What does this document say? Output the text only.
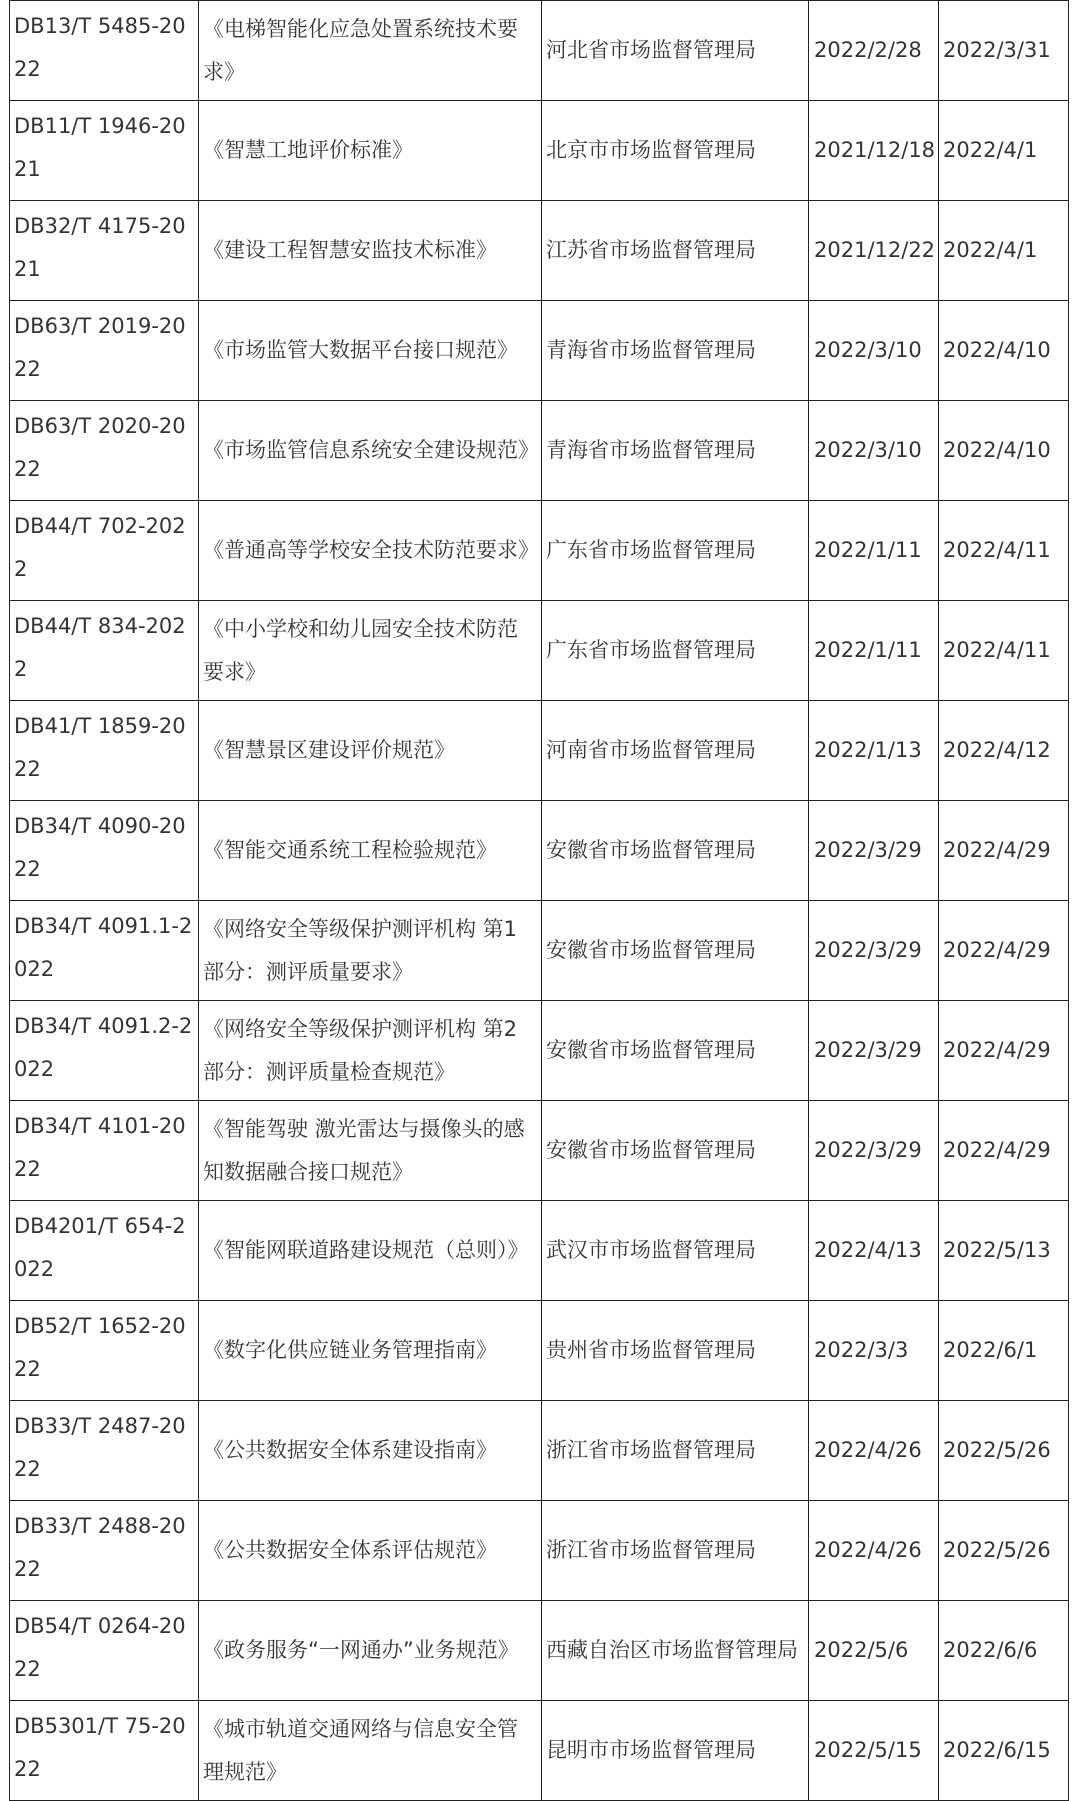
DB13/T 5485-2022	《电梯智能化应急处置系统技术要求》	河北省市场监督管理局	2022/2/28	2022/3/31
DB11/T 1946-2021	《智慧工地评价标准》	北京市市场监督管理局	2021/12/18	2022/4/1
DB32/T 4175-2021	《建设工程智慧安监技术标准》	江苏省市场监督管理局	2021/12/22	2022/4/1
DB63/T 2019-2022	《市场监管大数据平台接口规范》	青海省市场监督管理局	2022/3/10	2022/4/10
DB63/T 2020-2022	《市场监管信息系统安全建设规范》	青海省市场监督管理局	2022/3/10	2022/4/10
DB44/T 702-2022	《普通高等学校安全技术防范要求》	广东省市场监督管理局	2022/1/11	2022/4/11
DB44/T 834-2022	《中小学校和幼儿园安全技术防范要求》	广东省市场监督管理局	2022/1/11	2022/4/11
DB41/T 1859-2022	《智慧景区建设评价规范》	河南省市场监督管理局	2022/1/13	2022/4/12
DB34/T 4090-2022	《智能交通系统工程检验规范》	安徽省市场监督管理局	2022/3/29	2022/4/29
DB34/T 4091.1-2022	《网络安全等级保护测评机构 第1部分：测评质量要求》	安徽省市场监督管理局	2022/3/29	2022/4/29
DB34/T 4091.2-2022	《网络安全等级保护测评机构 第2部分：测评质量检查规范》	安徽省市场监督管理局	2022/3/29	2022/4/29
DB34/T 4101-2022	《智能驾驶 激光雷达与摄像头的感知数据融合接口规范》	安徽省市场监督管理局	2022/3/29	2022/4/29
DB4201/T 654-2022	《智能网联道路建设规范（总则）》	武汉市市场监督管理局	2022/4/13	2022/5/13
DB52/T 1652-2022	《数字化供应链业务管理指南》	贵州省市场监督管理局	2022/3/3	2022/6/1
DB33/T 2487-2022	《公共数据安全体系建设指南》	浙江省市场监督管理局	2022/4/26	2022/5/26
DB33/T 2488-2022	《公共数据安全体系评估规范》	浙江省市场监督管理局	2022/4/26	2022/5/26
DB54/T 0264-2022	《政务服务“一网通办”业务规范》	西藏自治区市场监督管理局	2022/5/6	2022/6/6
DB5301/T 75-2022	《城市轨道交通网络与信息安全管理规范》	昆明市市场监督管理局	2022/5/15	2022/6/15
